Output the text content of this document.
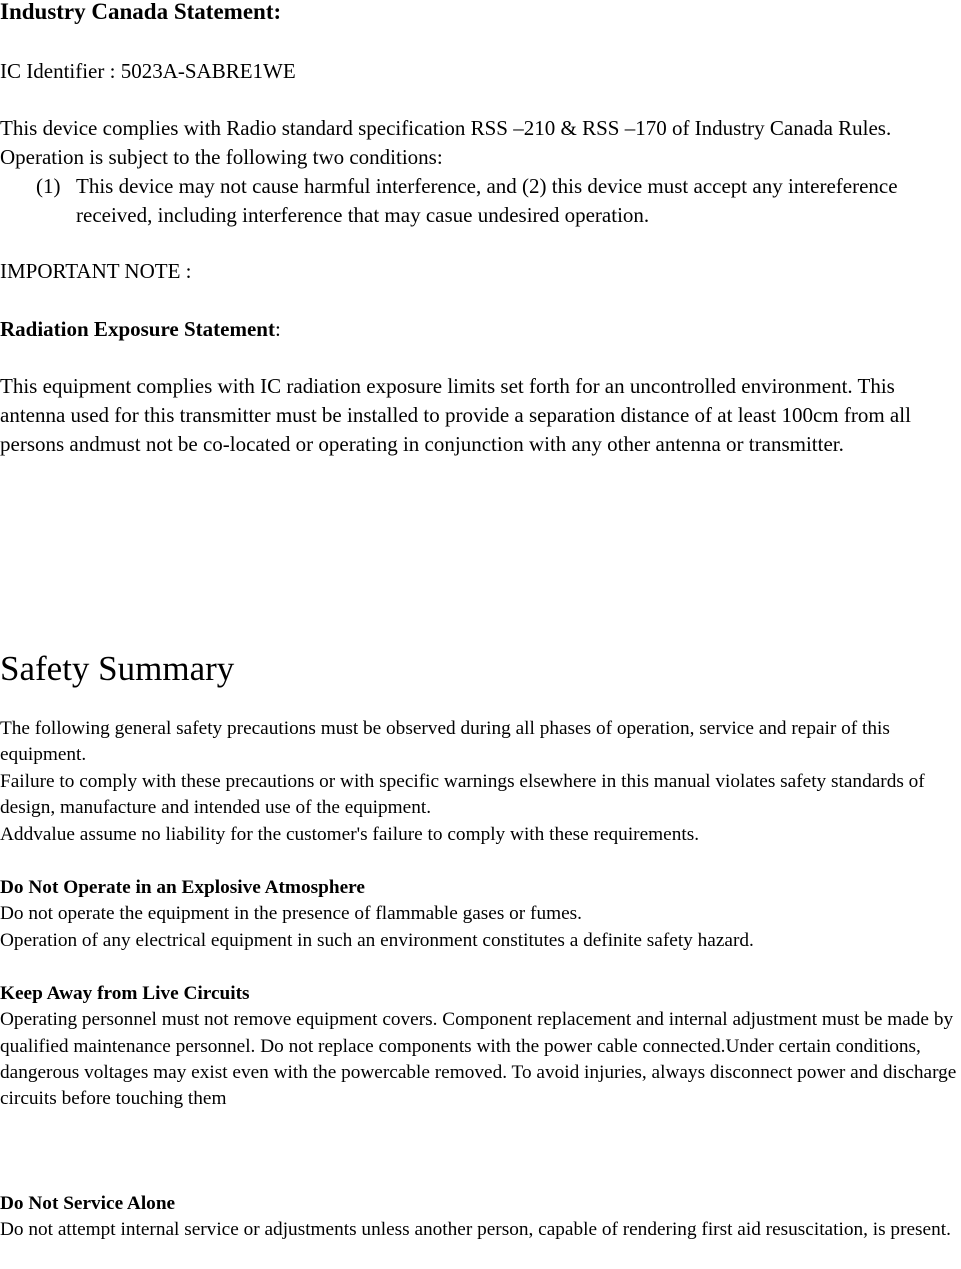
Industry Canada Statement:

IC Identifier : 5023A-SABRE1WE

This device complies with Radio standard specification RSS –210 & RSS –170 of Industry Canada Rules. Operation is subject to the following two conditions:

(1) This device may not cause harmful interference, and (2) this device must accept any intereference received, including interference that may casue undesired operation.

IMPORTANT NOTE :

Radiation Exposure Statement:

This equipment complies with IC radiation exposure limits set forth for an uncontrolled environment. This antenna used for this transmitter must be installed to provide a separation distance of at least 100cm from all persons andmust not be co-located or operating in conjunction with any other antenna or transmitter.

Safety Summary

The following general safety precautions must be observed during all phases of operation, service and repair of this equipment.

Failure to comply with these precautions or with specific warnings elsewhere in this manual violates safety standards of design, manufacture and intended use of the equipment.

Addvalue assume no liability for the customer's failure to comply with these requirements.

Do Not Operate in an Explosive Atmosphere
Do not operate the equipment in the presence of flammable gases or fumes.
Operation of any electrical equipment in such an environment constitutes a definite safety hazard.
Keep Away from Live Circuits
Operating personnel must not remove equipment covers. Component replacement and internal adjustment must be made by qualified maintenance personnel. Do not replace components with the power cable connected.Under certain conditions, dangerous voltages may exist even with the powercable removed. To avoid injuries, always disconnect power and discharge circuits before touching them
Do Not Service Alone
Do not attempt internal service or adjustments unless another person, capable of rendering first aid resuscitation, is present.
